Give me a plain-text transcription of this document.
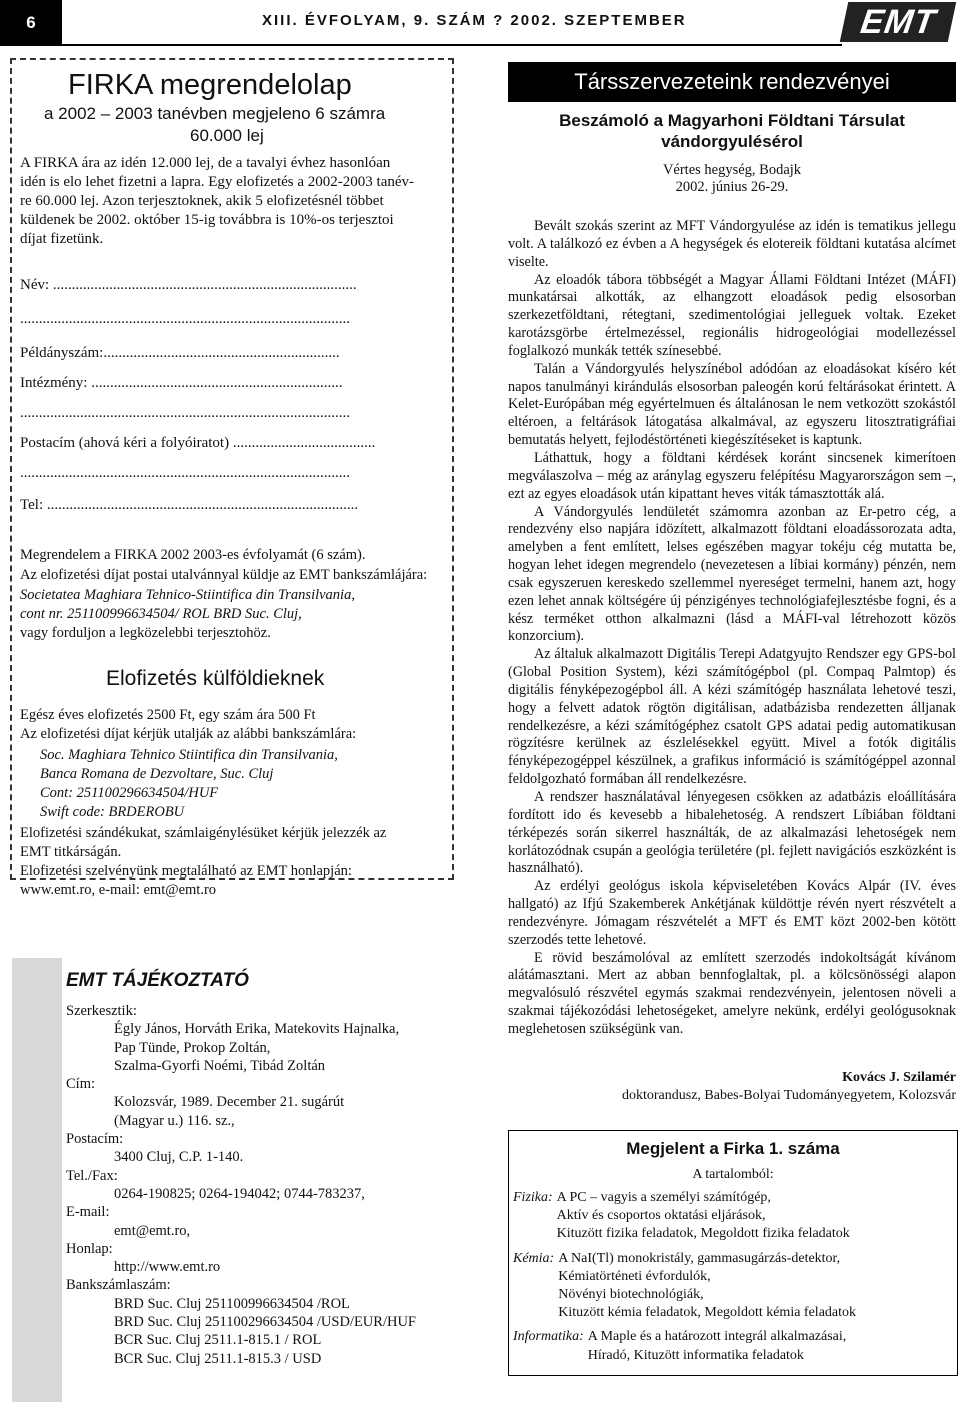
6	XIII. ÉVFOLYAM, 9. SZÁM ? 2002. SZEPTEMBER	EMT
FIRKA megrendelolap
a 2002 – 2003 tanévben megjeleno 6 számra
60.000 lej
A FIRKA ára az idén 12.000 lej, de a tavalyi évhez hasonlóan
idén is elo lehet fizetni a lapra. Egy elofizetés a 2002-2003 tanév-
re 60.000 lej. Azon terjesztoknek, akik 5 elofizetésnél többet
küldenek be 2002. október 15-ig továbbra is 10%-os terjesztoi
díjat fizetünk.
Név: .................................................................................
........................................................................................
Példányszám:...............................................................
Intézmény: ...................................................................
........................................................................................
Postacím (ahová kéri a folyóiratot) ......................................
........................................................................................
Tel: ...................................................................................
Megrendelem a FIRKA 2002 2003-es évfolyamát (6 szám).
Az elofizetési díjat postai utalvánnyal küldje az EMT bankszámlájára:
Societatea Maghiara Tehnico-Stiintifica din Transilvania,
cont nr. 251100996634504/ ROL BRD Suc. Cluj,
vagy forduljon a legközelebbi terjesztohöz.
Elofizetés külföldieknek
Egész éves elofizetés 2500 Ft, egy szám ára 500 Ft
Az elofizetési díjat kérjük utalják az alábbi bankszámlára:
Soc. Maghiara Tehnico Stiintifica din Transilvania,
Banca Romana de Dezvoltare, Suc. Cluj
Cont: 251100296634504/HUF
Swift code: BRDEROBU
Elofizetési szándékukat, számlaigénylésüket kérjük jelezzék az
EMT titkárságán.
Elofizetési szelvényünk megtalálható az EMT honlapján:
www.emt.ro, e-mail: emt@emt.ro
EMT TÁJÉKOZTATÓ
Szerkesztik:
Égly János, Horváth Erika, Matekovits Hajnalka,
Pap Tünde, Prokop Zoltán,
Szalma-Gyorfi Noémi, Tibád Zoltán
Cím:
Kolozsvár, 1989. December 21. sugárút
(Magyar u.) 116. sz.,
Postacím:
3400 Cluj, C.P. 1-140.
Tel./Fax:
0264-190825; 0264-194042; 0744-783237,
E-mail:
emt@emt.ro,
Honlap:
http://www.emt.ro
Bankszámlaszám:
BRD Suc. Cluj 251100996634504 /ROL
BRD Suc. Cluj 251100296634504 /USD/EUR/HUF
BCR Suc. Cluj 2511.1-815.1 / ROL
BCR Suc. Cluj 2511.1-815.3 / USD
Társszervezeteink rendezvényei
Beszámoló a Magyarhoni Földtani Társulat
vándorgyulésérol
Vértes hegység, Bodajk
2002. június 26-29.

Bevált szokás szerint az MFT Vándorgyulése az idén is tematikus jellegu volt. A találkozó ez évben a A hegységek és elotereik földtani kutatása alcímet viselte.

Az eloadók tábora többségét a Magyar Állami Földtani Intézet (MÁFI) munkatársai alkották, az elhangzott eloadások pedig elsosorban szerkezetföldtani, rétegtani, szedimentológiai jelleguek voltak. Ezeket karotázsgörbe értelmezéssel, regionális hidrogeológiai modellezéssel foglalkozó munkák tették színesebbé.

Talán a Vándorgyulés helyszínébol adódóan az eloadásokat kíséro két napos tanulmányi kirándulás elsosorban paleogén korú feltárásokat érintett. A Kelet-Európában még egyértelmuen és általánosan le nem vetkozött szokástól eltéroen, a feltárások látogatása alkalmával, az egyszeru litosztratigráfiai bemutatás helyett, fejlodéstörténeti kiegészítéseket is kaptunk.

Láthattuk, hogy a földtani kérdések koránt sincsenek kimerítoen megválaszolva – még az aránylag egyszeru felépítésu Magyarországon sem –, ezt az egyes eloadások után kipattant heves viták támasztották alá.

A Vándorgyulés lendületét számomra azonban az Er-petro cég, a rendezvény elso napjára idözített, alkalmazott földtani eloadássorozata adta, amelyben a fent említett, lelses egészében magyar tokéju cég mutatta be, hogyan lehet idegen megrendelo (nevezetesen a líbiai kormány) pénzén, nem csak egyszeruen kereskedo szellemmel nyereséget termelni, hanem azt, hogy ezen lehet annak költségére új pénzigényes technológiafejlesztésbe fogni, és a kész terméket otthon alkalmazni (lásd a MÁFI-val létrehozott közös konzorcium).

Az általuk alkalmazott Digitális Terepi Adatgyujto Rendszer egy GPS-bol (Global Position System), kézi számítógépbol (pl. Compaq Palmtop) és digitális fényképezogépbol áll. A kézi számítógép használata lehetové teszi, hogy a felvett adatok rögtön digitálisan, adatbázisba rendezetten álljanak rendelkezésre, a kézi számítógéphez csatolt GPS adatai pedig automatikusan rögzítésre kerülnek az észlelésekkel együtt. Mivel a fotók digitális fényképezogéppel készülnek, a grafikus információ is számítógéppel azonnal feldolgozható formában áll rendelkezésre.

A rendszer használatával lényegesen csökken az adatbázis eloállítására fordított ido és kevesebb a hibalehetoség. A rendszert Líbiában földtani térképezés során sikerrel használták, de az alkalmazási lehetoségek nem korlátozódnak csupán a geológia területére (pl. fejlett navigációs eszközként is használható).

Az erdélyi geológus iskola képviseletében Kovács Alpár (IV. éves hallgató) az Ifjú Szakemberek Ankétjának küldöttje révén nyert részvételt a rendezvényre. Jómagam részvételét a MFT és EMT közt 2002-ben kötött szerzodés tette lehetové.

E rövid beszámolóval az említett szerzodés indokoltságát kívánom alátámasztani. Mert az abban bennfoglaltak, pl. a kölcsönösségi alapon megvalósuló részvétel egymás szakmai rendezvényein, jelentosen növeli a szakmai tájékozódási lehetoségeket, amelyre nekünk, erdélyi geológusoknak meglehetosen szükségünk van.

Kovács J. Szilamér
doktorandusz, Babes-Bolyai Tudományegyetem, Kolozsvár
Megjelent a Firka 1. száma
A tartalomból:
Fizika: A PC – vagyis a személyi számítógép,
Aktív és csoportos oktatási eljárások,
Kituzött fizika feladatok, Megoldott fizika feladatok
Kémia: A NaI(Tl) monokristály, gammasugárzás-detektor,
Kémiatörténeti évfordulók,
Növényi biotechnológiák,
Kituzött kémia feladatok, Megoldott kémia feladatok
Informatika: A Maple és a határozott integrál alkalmazásai,
Híradó, Kituzött informatika feladatok
